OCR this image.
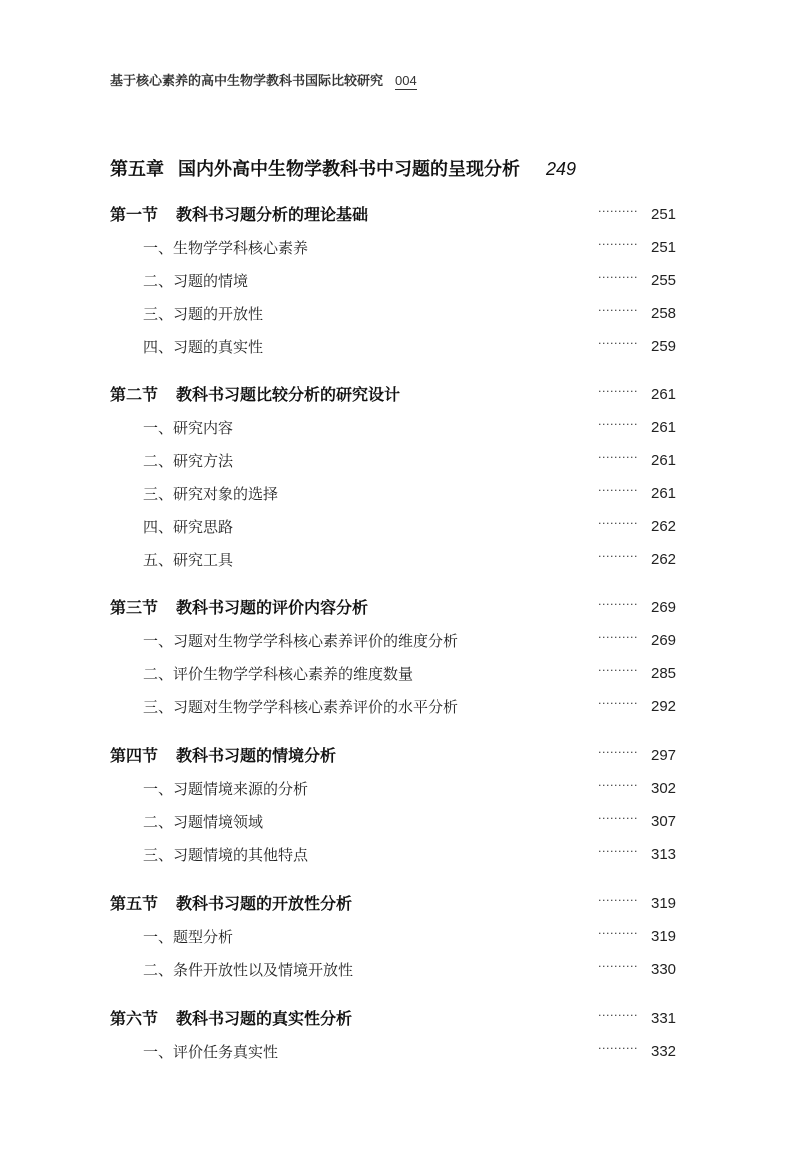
基于核心素养的高中生物学教科书国际比较研究 004
第五章 国内外高中生物学教科书中习题的呈现分析 249
第一节 教科书习题分析的理论基础	·········· 251
一、生物学学科核心素养	·········· 251
二、习题的情境	·········· 255
三、习题的开放性	·········· 258
四、习题的真实性	·········· 259
第二节 教科书习题比较分析的研究设计	·········· 261
一、研究内容	·········· 261
二、研究方法	·········· 261
三、研究对象的选择	·········· 261
四、研究思路	·········· 262
五、研究工具	·········· 262
第三节 教科书习题的评价内容分析	·········· 269
一、习题对生物学学科核心素养评价的维度分析	·········· 269
二、评价生物学学科核心素养的维度数量	·········· 285
三、习题对生物学学科核心素养评价的水平分析	·········· 292
第四节 教科书习题的情境分析	·········· 297
一、习题情境来源的分析	·········· 302
二、习题情境领域	·········· 307
三、习题情境的其他特点	·········· 313
第五节 教科书习题的开放性分析	·········· 319
一、题型分析	·········· 319
二、条件开放性以及情境开放性	·········· 330
第六节 教科书习题的真实性分析	·········· 331
一、评价任务真实性	·········· 332
